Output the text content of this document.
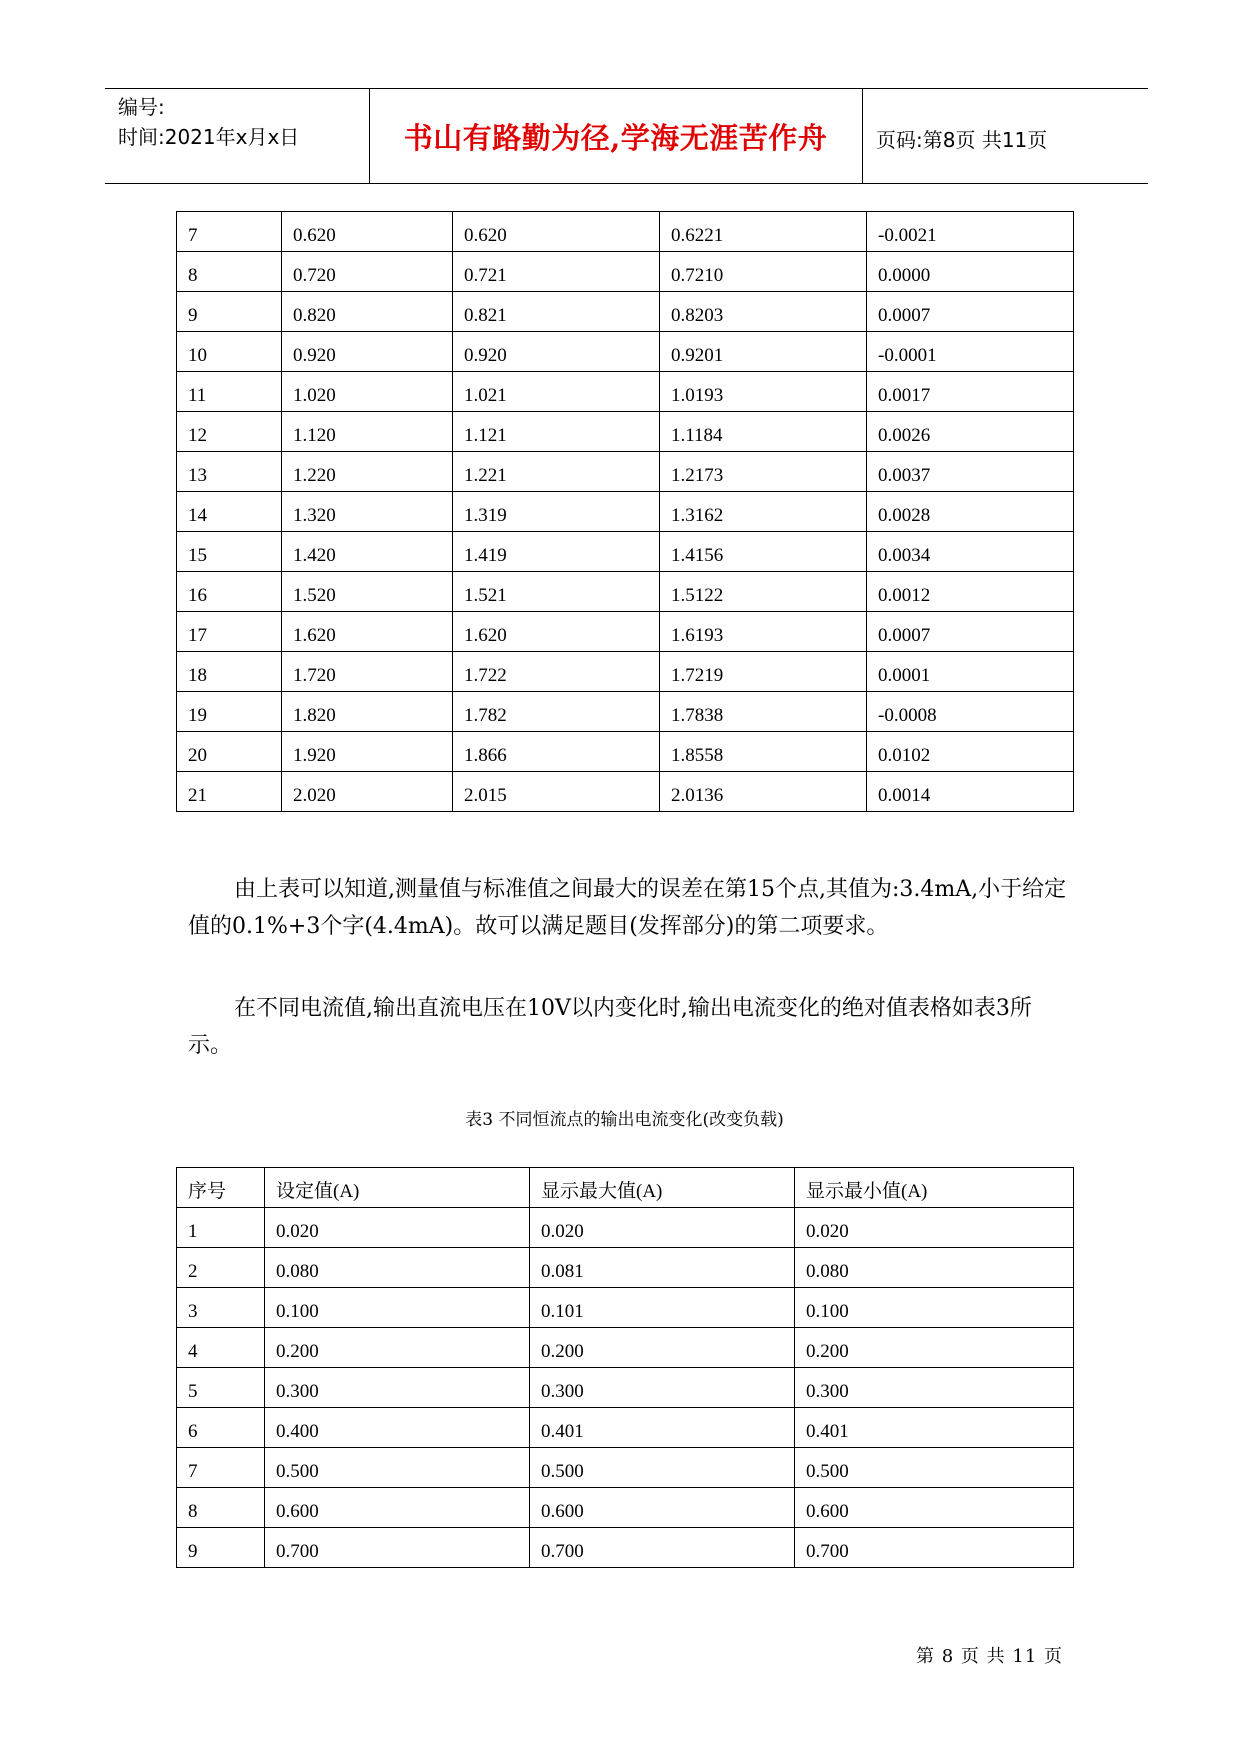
编号:
时间:2021年x月x日	书山有路勤为径,学海无涯苦作舟	页码:第8页 共11页
7	0.620	0.620	0.6221	-0.0021
8	0.720	0.721	0.7210	0.0000
9	0.820	0.821	0.8203	0.0007
10	0.920	0.920	0.9201	-0.0001
11	1.020	1.021	1.0193	0.0017
12	1.120	1.121	1.1184	0.0026
13	1.220	1.221	1.2173	0.0037
14	1.320	1.319	1.3162	0.0028
15	1.420	1.419	1.4156	0.0034
16	1.520	1.521	1.5122	0.0012
17	1.620	1.620	1.6193	0.0007
18	1.720	1.722	1.7219	0.0001
19	1.820	1.782	1.7838	-0.0008
20	1.920	1.866	1.8558	0.0102
21	2.020	2.015	2.0136	0.0014
由上表可以知道,测量值与标准值之间最大的误差在第15个点,其值为:3.4mA,小于给定值的0.1%+3个字(4.4mA)。故可以满足题目(发挥部分)的第二项要求。
在不同电流值,输出直流电压在10V以内变化时,输出电流变化的绝对值表格如表3所示。
表3 不同恒流点的输出电流变化(改变负载)
序号	设定值(A)	显示最大值(A)	显示最小值(A)
1	0.020	0.020	0.020
2	0.080	0.081	0.080
3	0.100	0.101	0.100
4	0.200	0.200	0.200
5	0.300	0.300	0.300
6	0.400	0.401	0.401
7	0.500	0.500	0.500
8	0.600	0.600	0.600
9	0.700	0.700	0.700
第 8 页 共 11 页
